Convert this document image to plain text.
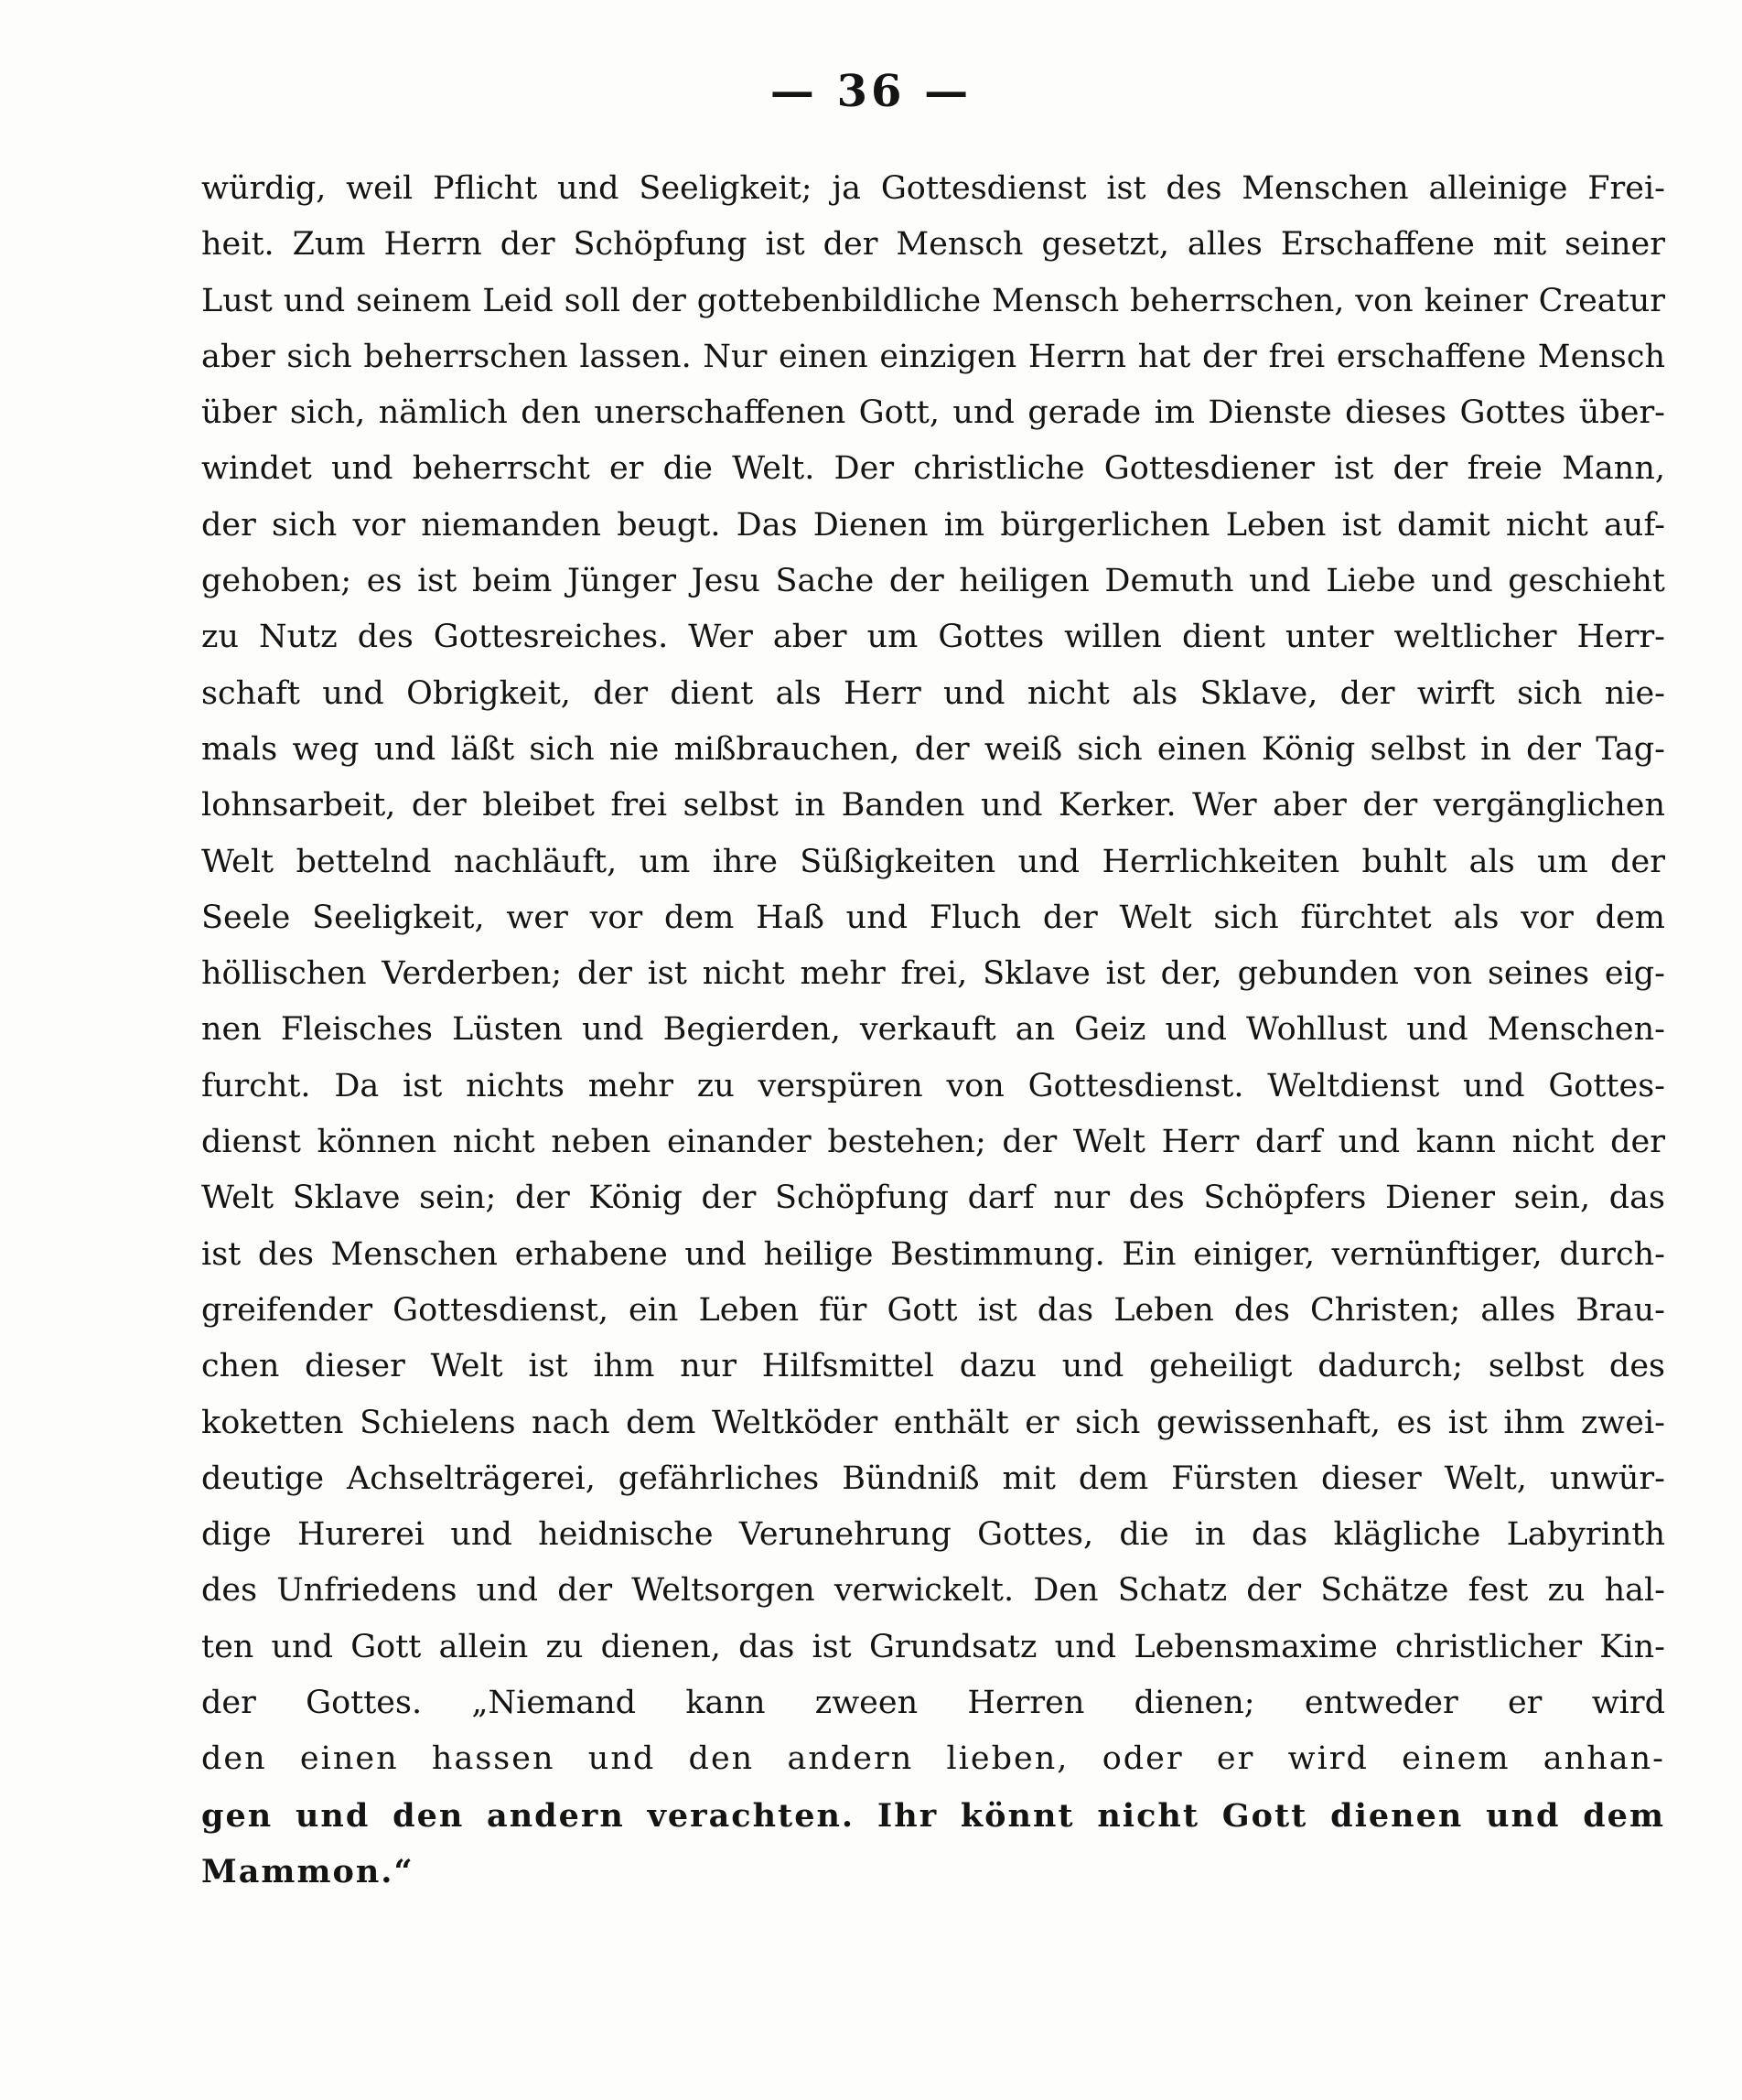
— 36 —
würdig, weil Pflicht und Seeligkeit; ja Gottesdienst ist des Menschen alleinige Frei-
heit. Zum Herrn der Schöpfung ist der Mensch gesetzt, alles Erschaffene mit seiner
Lust und seinem Leid soll der gottebenbildliche Mensch beherrschen, von keiner Creatur
aber sich beherrschen lassen. Nur einen einzigen Herrn hat der frei erschaffene Mensch
über sich, nämlich den unerschaffenen Gott, und gerade im Dienste dieses Gottes über-
windet und beherrscht er die Welt. Der christliche Gottesdiener ist der freie Mann,
der sich vor niemanden beugt. Das Dienen im bürgerlichen Leben ist damit nicht auf-
gehoben; es ist beim Jünger Jesu Sache der heiligen Demuth und Liebe und geschieht
zu Nutz des Gottesreiches. Wer aber um Gottes willen dient unter weltlicher Herr-
schaft und Obrigkeit, der dient als Herr und nicht als Sklave, der wirft sich nie-
mals weg und läßt sich nie mißbrauchen, der weiß sich einen König selbst in der Tag-
lohnsarbeit, der bleibet frei selbst in Banden und Kerker. Wer aber der vergänglichen
Welt bettelnd nachläuft, um ihre Süßigkeiten und Herrlichkeiten buhlt als um der
Seele Seeligkeit, wer vor dem Haß und Fluch der Welt sich fürchtet als vor dem
höllischen Verderben; der ist nicht mehr frei, Sklave ist der, gebunden von seines eig-
nen Fleisches Lüsten und Begierden, verkauft an Geiz und Wohllust und Menschen-
furcht. Da ist nichts mehr zu verspüren von Gottesdienst. Weltdienst und Gottes-
dienst können nicht neben einander bestehen; der Welt Herr darf und kann nicht der
Welt Sklave sein; der König der Schöpfung darf nur des Schöpfers Diener sein, das
ist des Menschen erhabene und heilige Bestimmung. Ein einiger, vernünftiger, durch-
greifender Gottesdienst, ein Leben für Gott ist das Leben des Christen; alles Brau-
chen dieser Welt ist ihm nur Hilfsmittel dazu und geheiligt dadurch; selbst des
koketten Schielens nach dem Weltköder enthält er sich gewissenhaft, es ist ihm zwei-
deutige Achselträgerei, gefährliches Bündniß mit dem Fürsten dieser Welt, unwür-
dige Hurerei und heidnische Verunehrung Gottes, die in das klägliche Labyrinth
des Unfriedens und der Weltsorgen verwickelt. Den Schatz der Schätze fest zu hal-
ten und Gott allein zu dienen, das ist Grundsatz und Lebensmaxime christlicher Kin-
der Gottes. „Niemand kann zween Herren dienen; entweder er wird
den einen hassen und den andern lieben, oder er wird einem anhan-
gen und den andern verachten. Ihr könnt nicht Gott dienen und dem
Mammon.“
